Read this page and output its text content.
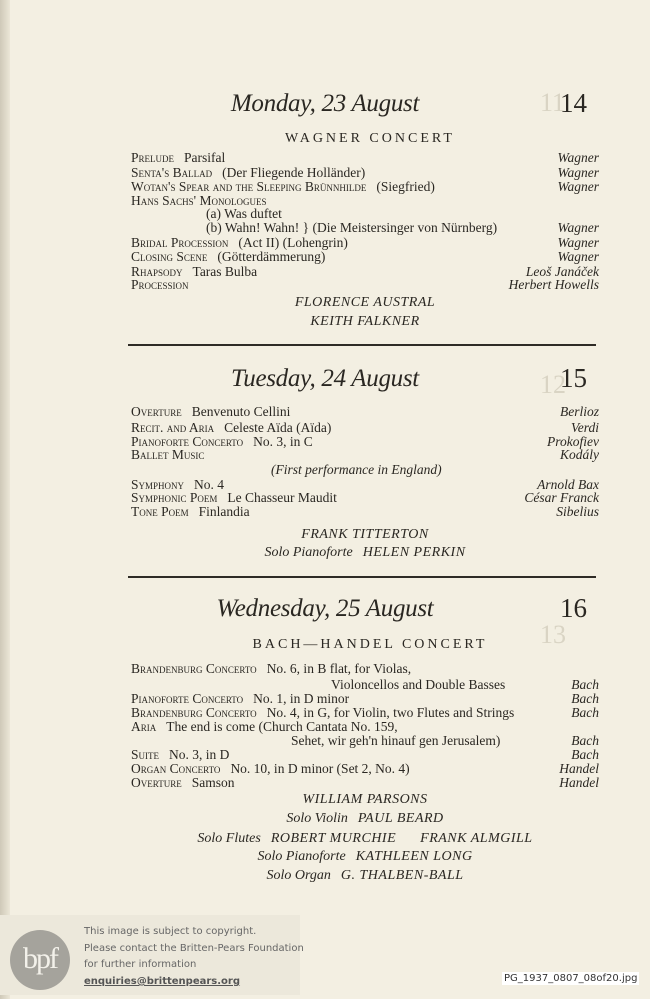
11
12
13
Monday, 23 August	14
WAGNER CONCERT
Prelude Parsifal	Wagner
Senta's Ballad (Der Fliegende Holländer)	Wagner
Wotan's Spear and the Sleeping Brünnhilde (Siegfried)	Wagner
Hans Sachs' Monologues
(a) Was duftet
(b) Wahn! Wahn! } (Die Meistersinger von Nürnberg)	Wagner
Bridal Procession (Act II) (Lohengrin)	Wagner
Closing Scene (Götterdämmerung)	Wagner
Rhapsody Taras Bulba	Leoš Janáček
Procession	Herbert Howells
FLORENCE AUSTRAL
KEITH FALKNER
Tuesday, 24 August	15
Overture Benvenuto Cellini	Berlioz
Recit. and Aria Celeste Aïda (Aïda)	Verdi
Pianoforte Concerto No. 3, in C	Prokofiev
Ballet Music	Kodály
(First performance in England)
Symphony No. 4	Arnold Bax
Symphonic Poem Le Chasseur Maudit	César Franck
Tone Poem Finlandia	Sibelius
FRANK TITTERTON
Solo Pianoforte HELEN PERKIN
Wednesday, 25 August	16
BACH—HANDEL CONCERT
Brandenburg Concerto No. 6, in B flat, for Violas,
Violoncellos and Double Basses	Bach
Pianoforte Concerto No. 1, in D minor	Bach
Brandenburg Concerto No. 4, in G, for Violin, two Flutes and Strings	Bach
Aria The end is come (Church Cantata No. 159,
Sehet, wir geh'n hinauf gen Jerusalem)	Bach
Suite No. 3, in D	Bach
Organ Concerto No. 10, in D minor (Set 2, No. 4)	Handel
Overture Samson	Handel
WILLIAM PARSONS
Solo Violin PAUL BEARD
Solo Flutes ROBERT MURCHIE      FRANK ALMGILL
Solo Pianoforte KATHLEEN LONG
Solo Organ G. THALBEN-BALL
bpf
This image is subject to copyright.
Please contact the Britten-Pears Foundation
for further information
enquiries@brittenpears.org	PG_1937_0807_08of20.jpg
